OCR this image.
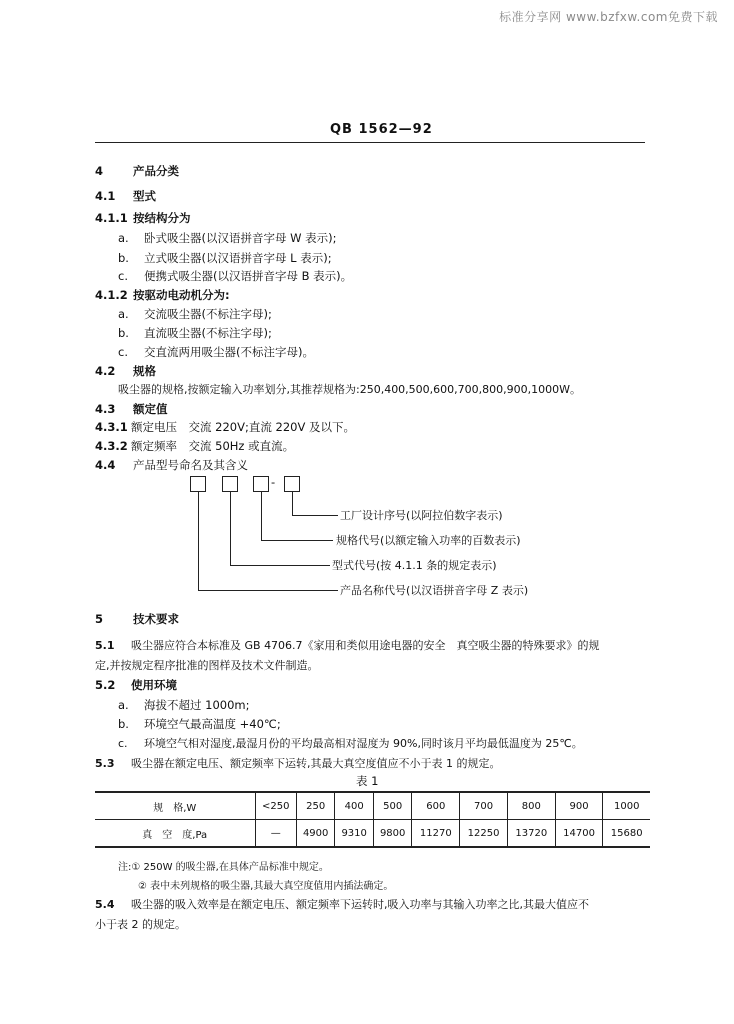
标准分享网 www.bzfxw.com免费下载
QB 1562—92
4	产品分类
4.1 型式
4.1.1 按结构分为
a. 卧式吸尘器(以汉语拼音字母 W 表示);
b. 立式吸尘器(以汉语拼音字母 L 表示);
c. 便携式吸尘器(以汉语拼音字母 B 表示)。
4.1.2 按驱动电动机分为:
a. 交流吸尘器(不标注字母);
b. 直流吸尘器(不标注字母);
c. 交直流两用吸尘器(不标注字母)。
4.2 规格
吸尘器的规格,按额定输入功率划分,其推荐规格为:250,400,500,600,700,800,900,1000W。
4.3 额定值
4.3.1 额定电压　交流 220V;直流 220V 及以下。
4.3.2 额定频率　交流 50Hz 或直流。
4.4 产品型号命名及其含义
-
工厂设计序号(以阿拉伯数字表示)
规格代号(以额定输入功率的百数表示)
型式代号(按 4.1.1 条的规定表示)
产品名称代号(以汉语拼音字母 Z 表示)
5	技术要求
5.1 吸尘器应符合本标准及 GB 4706.7《家用和类似用途电器的安全　真空吸尘器的特殊要求》的规
定,并按规定程序批准的图样及技术文件制造。
5.2 使用环境
a. 海拔不超过 1000m;
b. 环境空气最高温度 +40℃;
c. 环境空气相对湿度,最湿月份的平均最高相对湿度为 90%,同时该月平均最低温度为 25℃。
5.3 吸尘器在额定电压、额定频率下运转,其最大真空度值应不小于表 1 的规定。
表 1
规　格,W	<250	250	400	500	600	700	800	900	1000
真　空　度,Pa	—	4900	9310	9800	11270	12250	13720	14700	15680
注:① 250W 的吸尘器,在具体产品标准中规定。
② 表中未列规格的吸尘器,其最大真空度值用内插法确定。
5.4 吸尘器的吸入效率是在额定电压、额定频率下运转时,吸入功率与其输入功率之比,其最大值应不
小于表 2 的规定。
